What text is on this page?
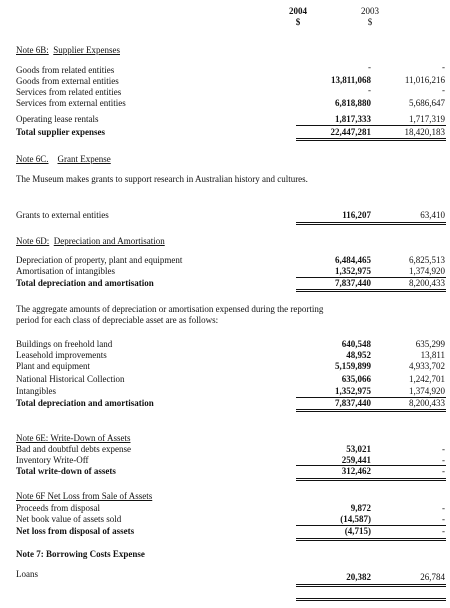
2004
$
2003
$
Note 6B: Supplier Expenses
Goods from related entities	-	-
Goods from external entities	13,811,068	11,016,216
Services from related entities	-	-
Services from external entities	6,818,880	5,686,647
Operating lease rentals	1,817,333	1,717,319
Total supplier expenses	22,447,281	18,420,183
Note 6C. Grant Expense
The Museum makes grants to support research in Australian history and cultures.
Grants to external entities	116,207	63,410
Note 6D: Depreciation and Amortisation
Depreciation of property, plant and equipment	6,484,465	6,825,513
Amortisation of intangibles	1,352,975	1,374,920
Total depreciation and amortisation	7,837,440	8,200,433
The aggregate amounts of depreciation or amortisation expensed during the reporting period for each class of depreciable asset are as follows:
Buildings on freehold land	640,548	635,299
Leasehold improvements	48,952	13,811
Plant and equipment	5,159,899	4,933,702
National Historical Collection	635,066	1,242,701
Intangibles	1,352,975	1,374,920
Total depreciation and amortisation	7,837,440	8,200,433
Note 6E: Write-Down of Assets
Bad and doubtful debts expense	53,021	-
Inventory Write-Off	259,441	-
Total write-down of assets	312,462	-
Note 6F Net Loss from Sale of Assets
Proceeds from disposal	9,872	-
Net book value of assets sold	(14,587)	-
Net loss from disposal of assets	(4,715)	-
Note 7: Borrowing Costs Expense
Loans	20,382	26,784
